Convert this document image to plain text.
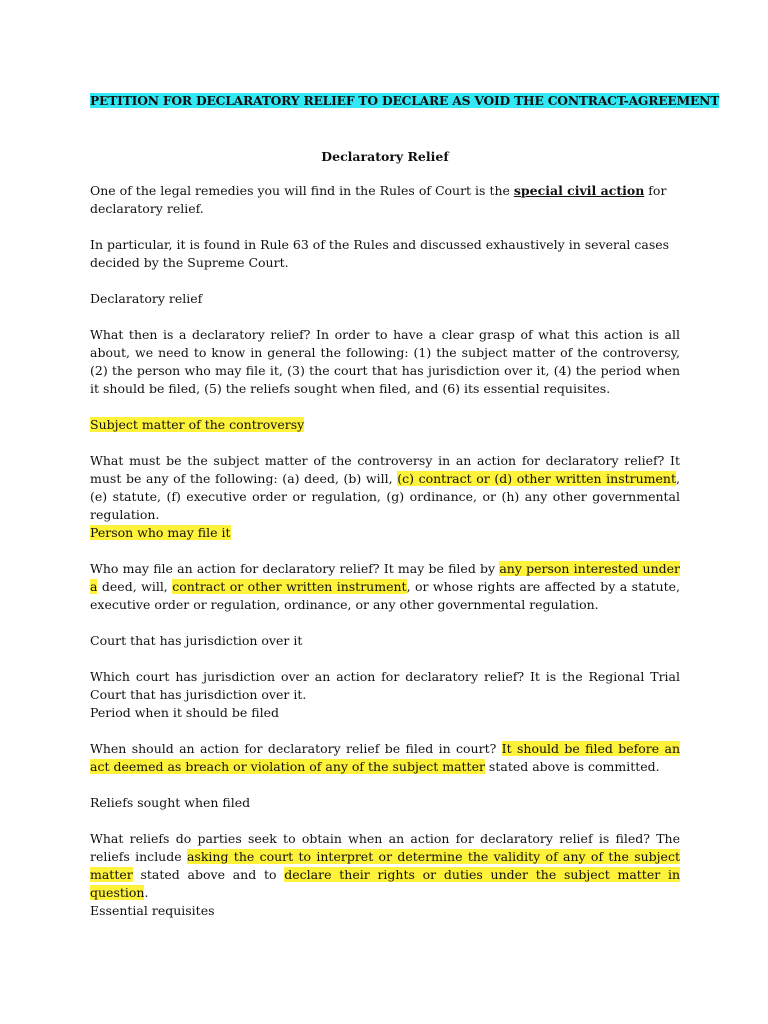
PETITION FOR DECLARATORY RELIEF TO DECLARE AS VOID THE CONTRACT-AGREEMENT
Declaratory Relief

One of the legal remedies you will find in the Rules of Court is the special civil action for declaratory relief.

In particular, it is found in Rule 63 of the Rules and discussed exhaustively in several cases decided by the Supreme Court.

Declaratory relief

What then is a declaratory relief? In order to have a clear grasp of what this action is all about, we need to know in general the following: (1) the subject matter of the controversy, (2) the person who may file it, (3) the court that has jurisdiction over it, (4) the period when it should be filed, (5) the reliefs sought when filed, and (6) its essential requisites.

Subject matter of the controversy

What must be the subject matter of the controversy in an action for declaratory relief? It must be any of the following: (a) deed, (b) will, (c) contract or (d) other written instrument, (e) statute, (f) executive order or regulation, (g) ordinance, or (h) any other governmental regulation.

Person who may file it

Who may file an action for declaratory relief? It may be filed by any person interested under a deed, will, contract or other written instrument, or whose rights are affected by a statute, executive order or regulation, ordinance, or any other governmental regulation.

Court that has jurisdiction over it

Which court has jurisdiction over an action for declaratory relief? It is the Regional Trial Court that has jurisdiction over it.

Period when it should be filed

When should an action for declaratory relief be filed in court? It should be filed before an act deemed as breach or violation of any of the subject matter stated above is committed.

Reliefs sought when filed

What reliefs do parties seek to obtain when an action for declaratory relief is filed? The reliefs include asking the court to interpret or determine the validity of any of the subject matter stated above and to declare their rights or duties under the subject matter in question.

Essential requisites
